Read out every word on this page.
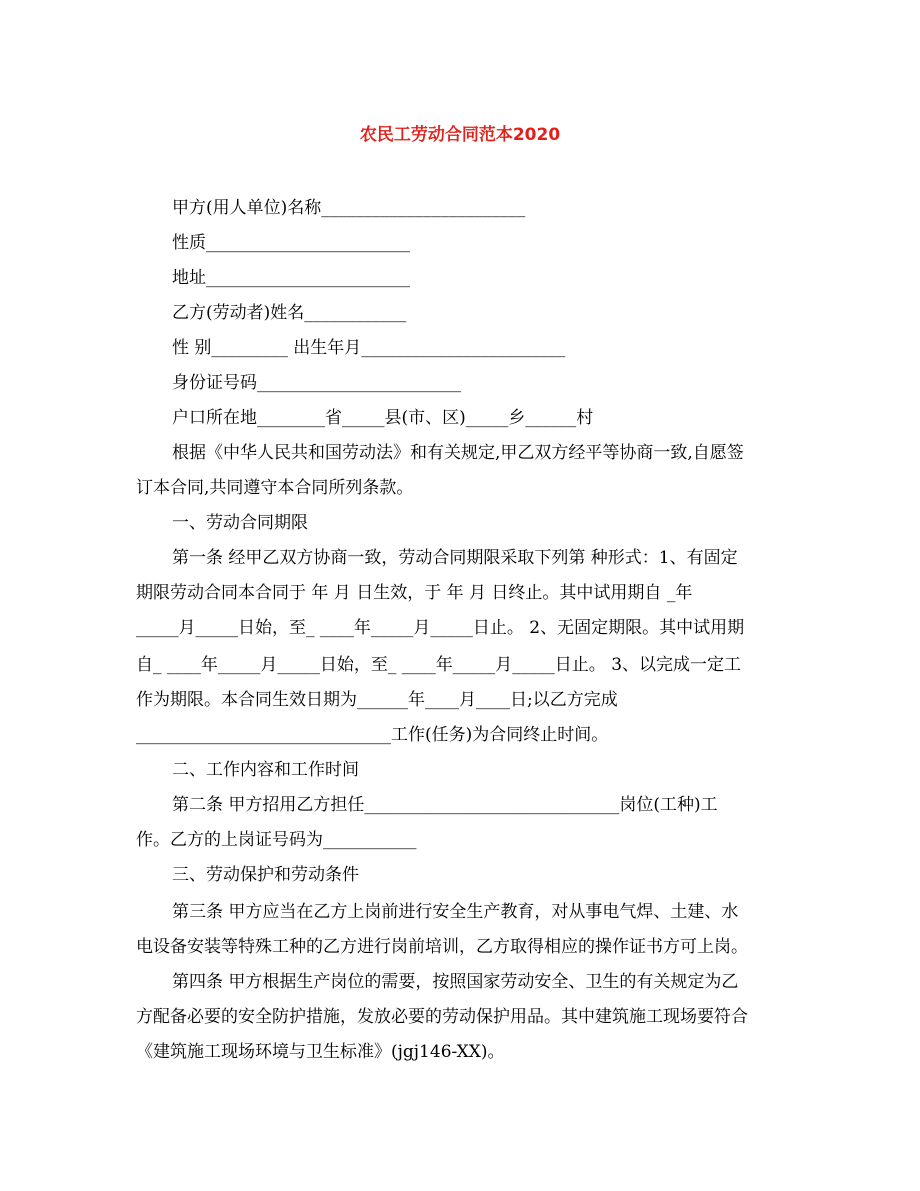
农民工劳动合同范本2020
甲方(用人单位)名称________________________
性质________________________
地址________________________
乙方(劳动者)姓名____________
性 别_________ 出生年月________________________
身份证号码________________________
户口所在地________省_____县(市、区)_____乡______村
根据《中华人民共和国劳动法》和有关规定,甲乙双方经平等协商一致,自愿签
订本合同,共同遵守本合同所列条款。
一、劳动合同期限
第一条 经甲乙双方协商一致，劳动合同期限采取下列第 种形式：1、有固定
期限劳动合同本合同于 年 月 日生效，于 年 月 日终止。其中试用期自 _年
_____月_____日始，至_ ____年_____月_____日止。 2、无固定期限。其中试用期
自_ ____年_____月_____日始，至_ ____年_____月_____日止。 3、以完成一定工
作为期限。本合同生效日期为______年____月____日;以乙方完成
______________________________工作(任务)为合同终止时间。
二、工作内容和工作时间
第二条 甲方招用乙方担任______________________________岗位(工种)工
作。乙方的上岗证号码为___________
三、劳动保护和劳动条件
第三条 甲方应当在乙方上岗前进行安全生产教育，对从事电气焊、土建、水
电设备安装等特殊工种的乙方进行岗前培训，乙方取得相应的操作证书方可上岗。
第四条 甲方根据生产岗位的需要，按照国家劳动安全、卫生的有关规定为乙
方配备必要的安全防护措施，发放必要的劳动保护用品。其中建筑施工现场要符合
《建筑施工现场环境与卫生标准》(jgj146-XX)。
